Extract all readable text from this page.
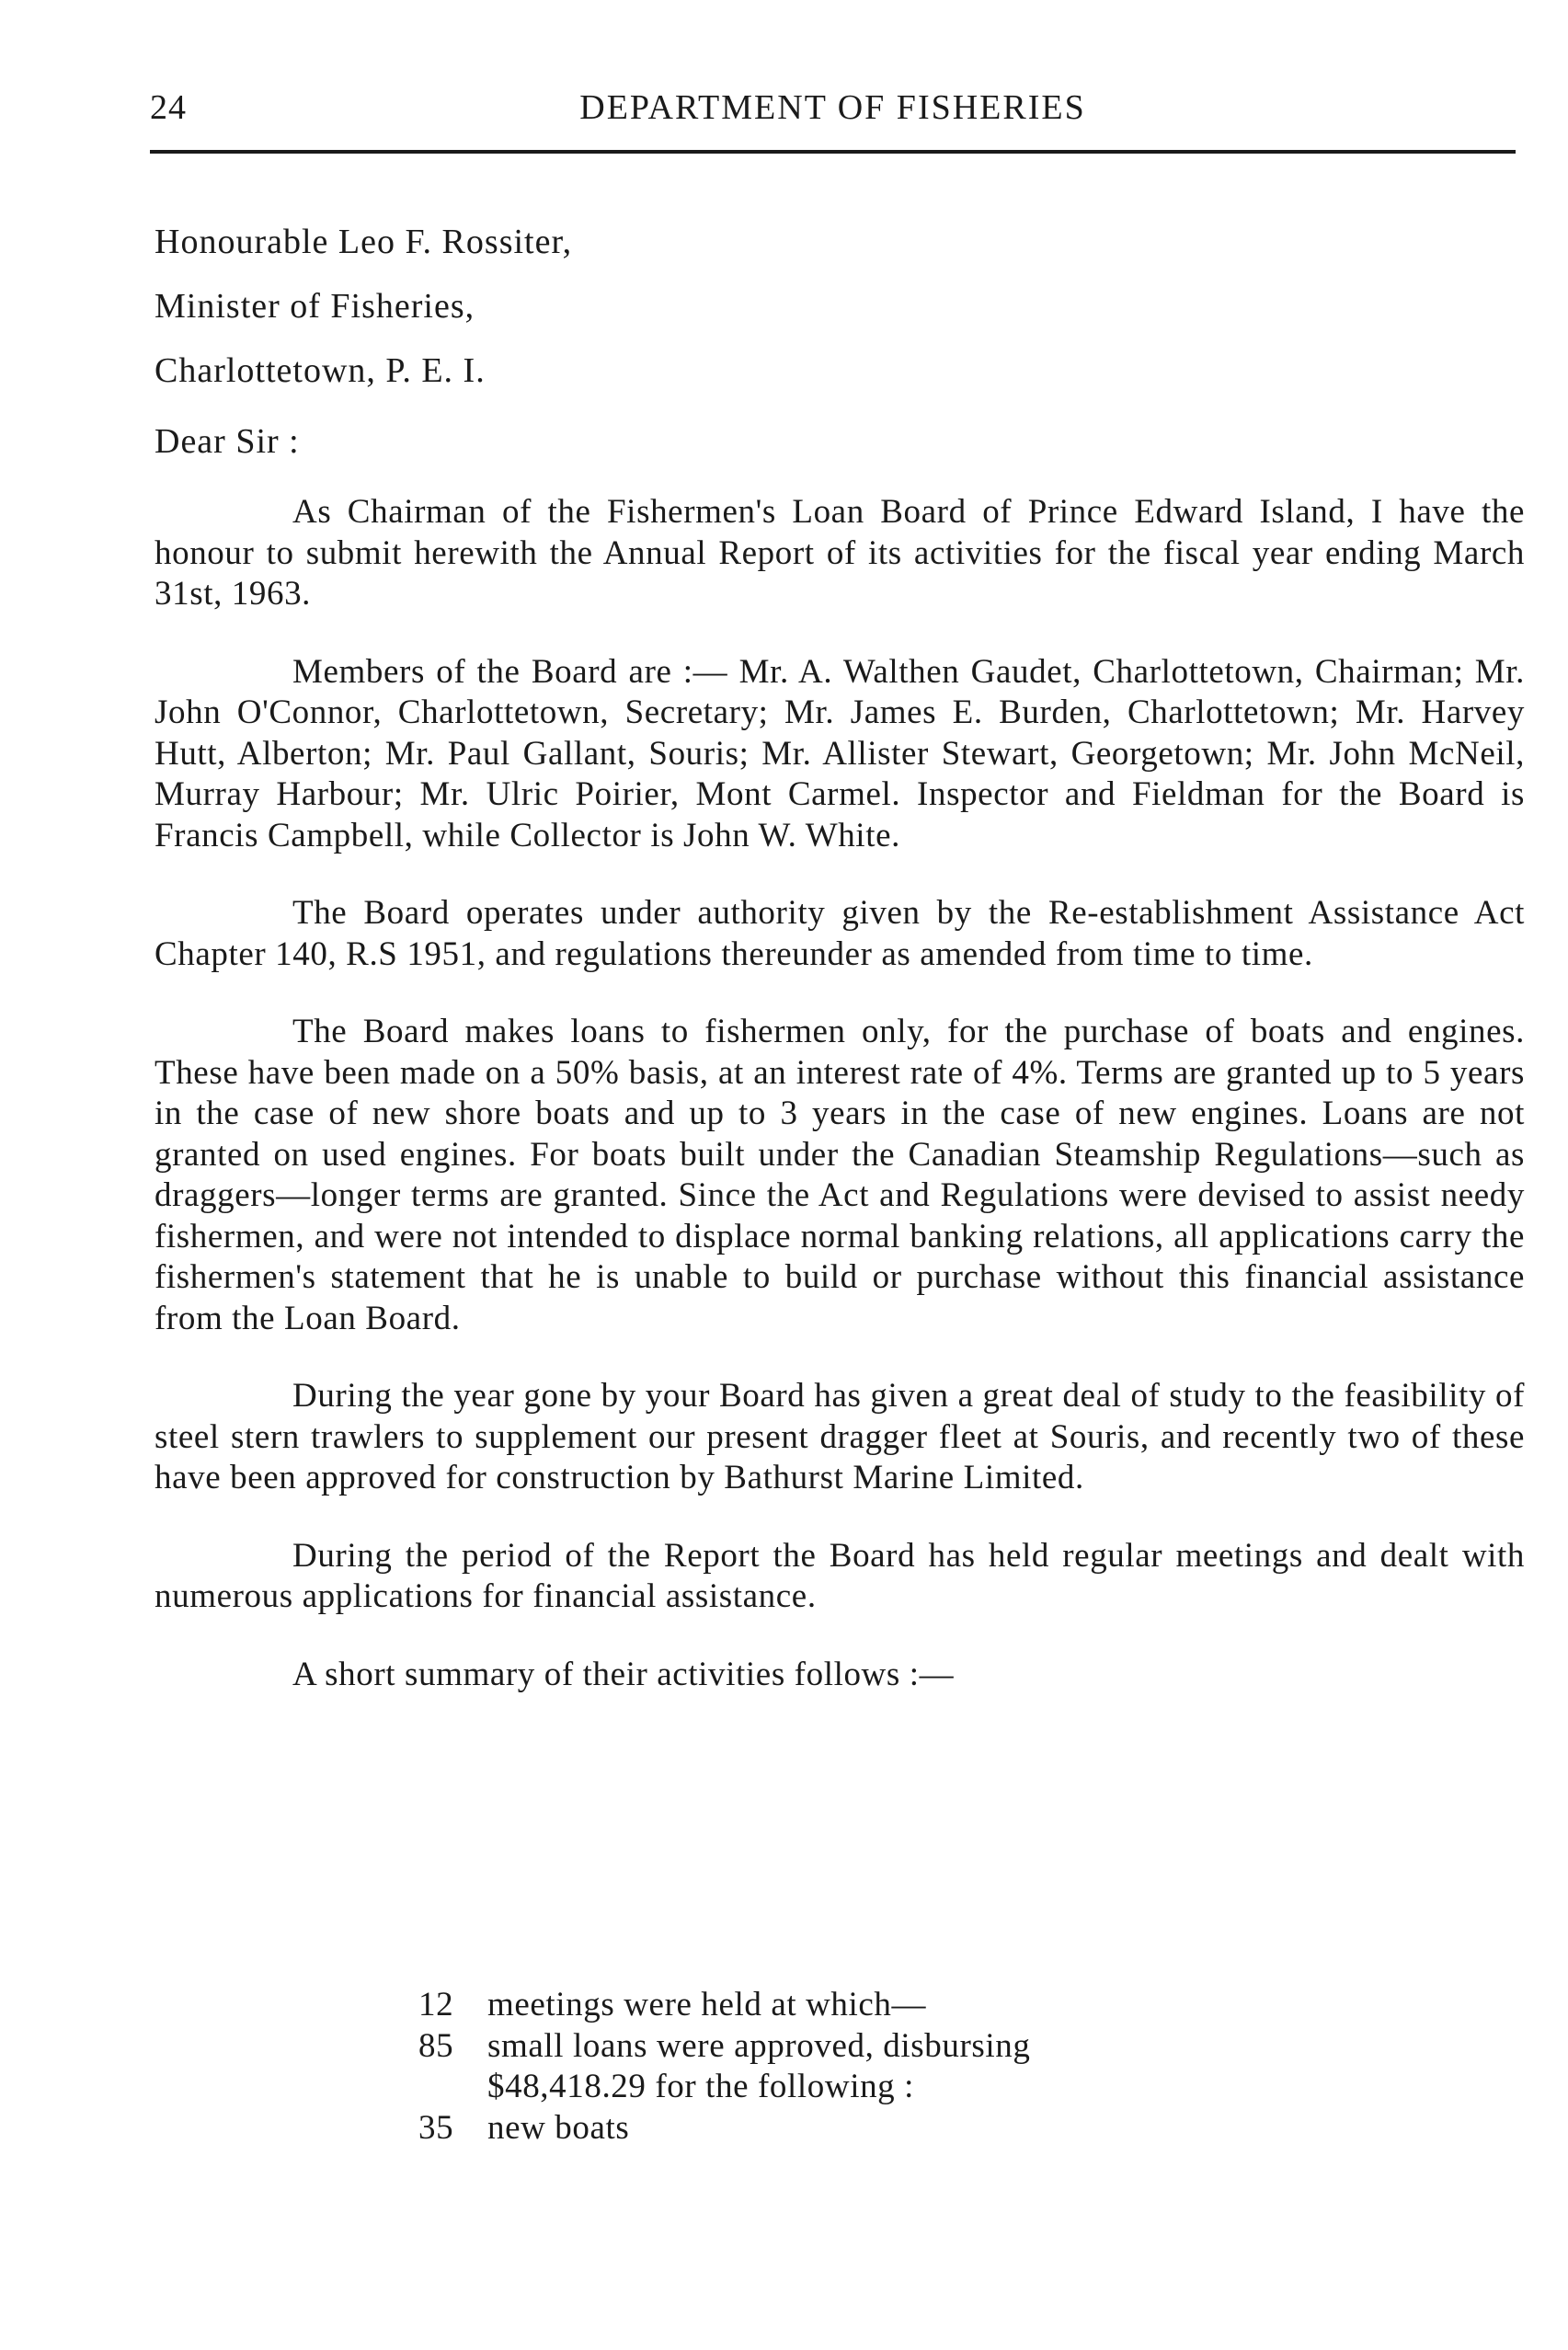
24	DEPARTMENT OF FISHERIES
Honourable Leo F. Rossiter,
Minister of Fisheries,
Charlottetown, P. E. I.
Dear Sir :

As Chairman of the Fishermen's Loan Board of Prince Edward Island, I have the honour to submit herewith the Annual Report of its activities for the fiscal year ending March 31st, 1963.

Members of the Board are :— Mr. A. Walthen Gaudet, Charlottetown, Chairman; Mr. John O'Connor, Charlottetown, Secretary; Mr. James E. Burden, Charlottetown; Mr. Harvey Hutt, Alberton; Mr. Paul Gallant, Souris; Mr. Allister Stewart, Georgetown; Mr. John McNeil, Murray Harbour; Mr. Ulric Poirier, Mont Carmel. Inspector and Fieldman for the Board is Francis Campbell, while Collector is John W. White.

The Board operates under authority given by the Re-establishment Assistance Act Chapter 140, R.S 1951, and regulations thereunder as amended from time to time.

The Board makes loans to fishermen only, for the purchase of boats and engines. These have been made on a 50% basis, at an interest rate of 4%. Terms are granted up to 5 years in the case of new shore boats and up to 3 years in the case of new engines. Loans are not granted on used engines. For boats built under the Canadian Steamship Regulations—such as draggers—longer terms are granted. Since the Act and Regulations were devised to assist needy fishermen, and were not intended to displace normal banking relations, all applications carry the fishermen's statement that he is unable to build or purchase without this financial assistance from the Loan Board.

During the year gone by your Board has given a great deal of study to the feasibility of steel stern trawlers to supplement our present dragger fleet at Souris, and recently two of these have been approved for construction by Bathurst Marine Limited.

During the period of the Report the Board has held regular meetings and dealt with numerous applications for financial assistance.

A short summary of their activities follows :—

12 meetings were held at which—
85 small loans were approved, disbursing
$48,418.29 for the following :
35 new boats
